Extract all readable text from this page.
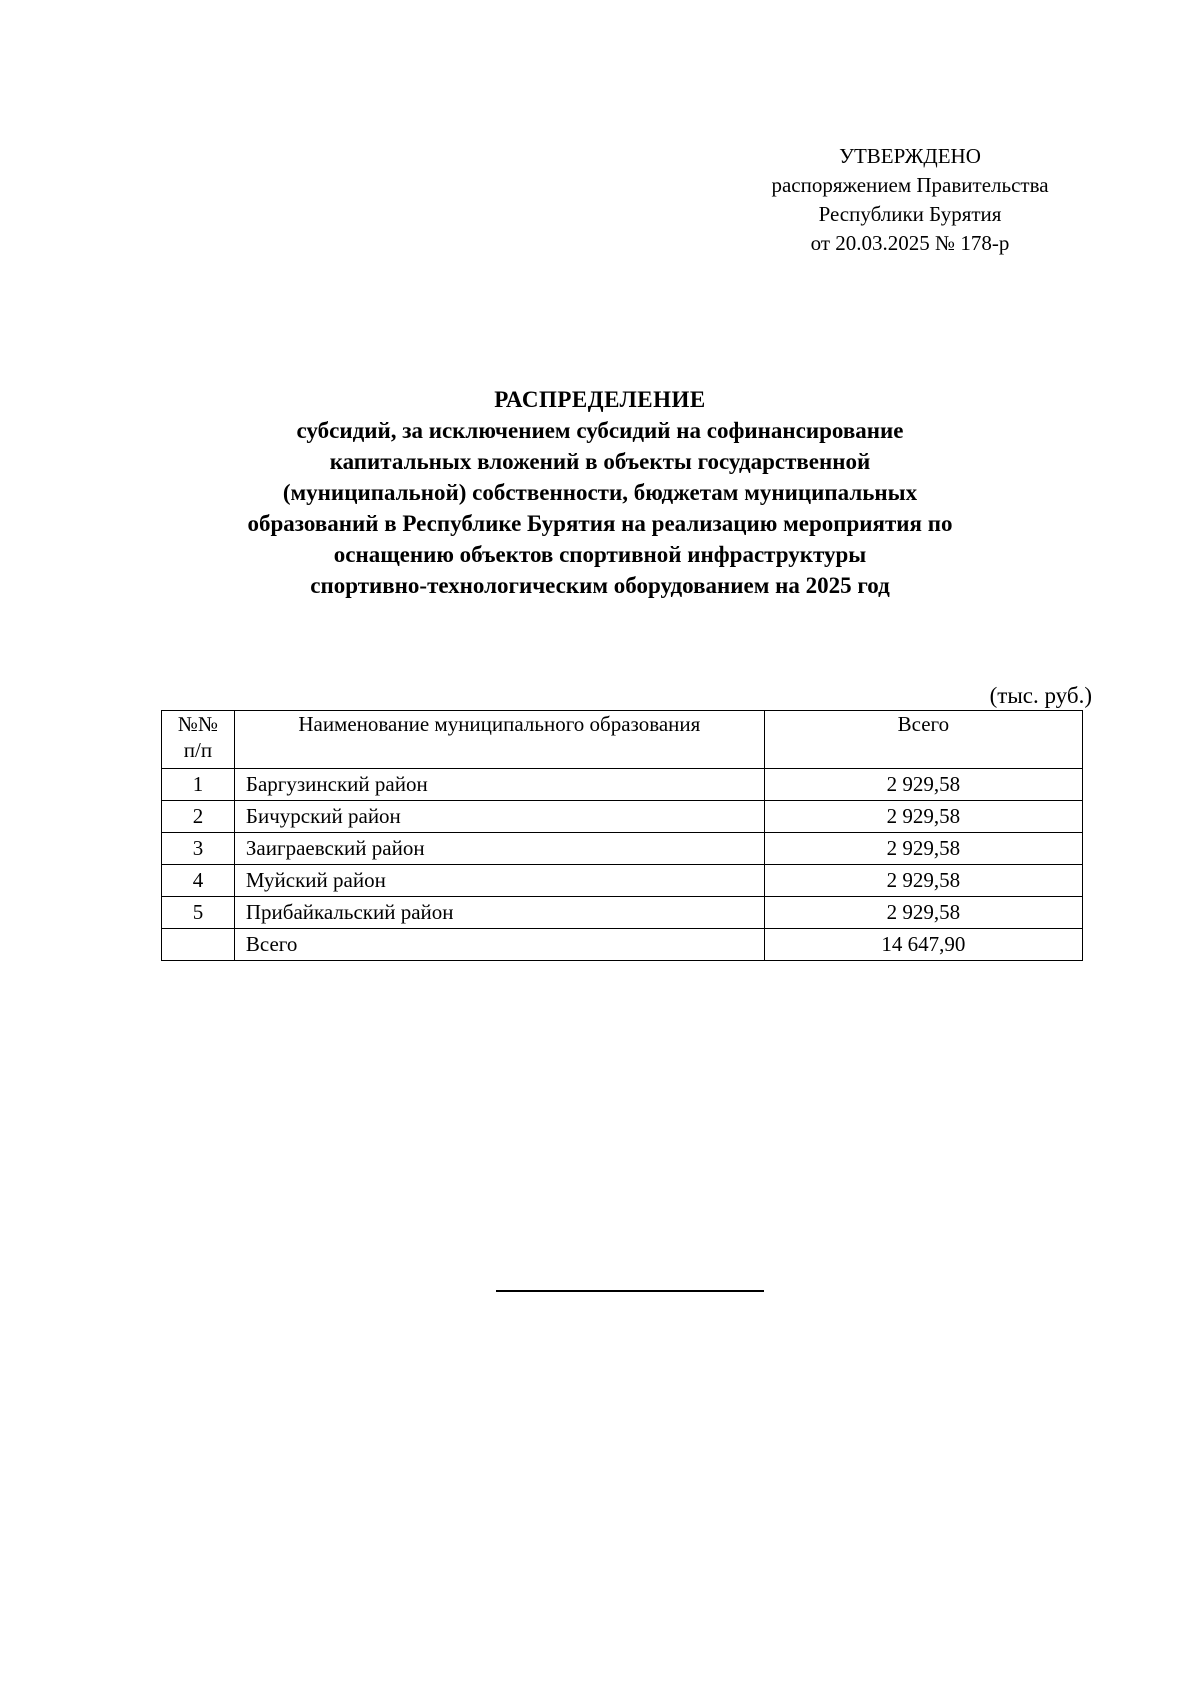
УТВЕРЖДЕНО
распоряжением Правительства
Республики Бурятия
от 20.03.2025 № 178-р
РАСПРЕДЕЛЕНИЕ
субсидий, за исключением субсидий на софинансирование
капитальных вложений в объекты государственной
(муниципальной) собственности, бюджетам муниципальных
образований в Республике Бурятия на реализацию мероприятия по
оснащению объектов спортивной инфраструктуры
спортивно-технологическим оборудованием на 2025 год
(тыс. руб.)
№№
п/п	Наименование муниципального образования	Всего
1	Баргузинский район	2 929,58
2	Бичурский район	2 929,58
3	Заиграевский район	2 929,58
4	Муйский район	2 929,58
5	Прибайкальский район	2 929,58
	Всего	14 647,90
